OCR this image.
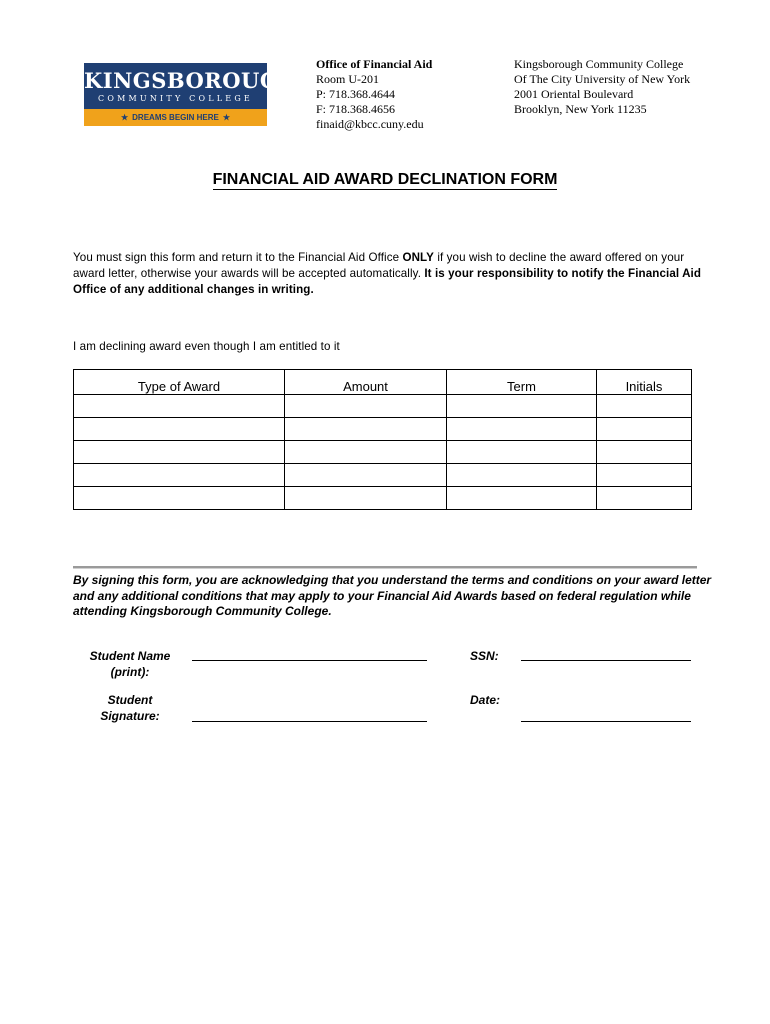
KINGSBOROUGH
COMMUNITY COLLEGE
★ DREAMS BEGIN HERE ★
Office of Financial Aid
Room U-201
P: 718.368.4644
F: 718.368.4656
finaid@kbcc.cuny.edu
Kingsborough Community College
Of The City University of New York
2001 Oriental Boulevard
Brooklyn, New York 11235
FINANCIAL AID AWARD DECLINATION FORM
You must sign this form and return it to the Financial Aid Office ONLY if you wish to decline the award offered on your award letter, otherwise your awards will be accepted automatically. It is your responsibility to notify the Financial Aid Office of any additional changes in writing.
I am declining award even though I am entitled to it
Type of Award	Amount	Term	Initials

By signing this form, you are acknowledging that you understand the terms and conditions on your award letter and any additional conditions that may apply to your Financial Aid Awards based on federal regulation while attending Kingsborough Community College.
Student Name
(print):
SSN:
Student
Signature:
Date:
